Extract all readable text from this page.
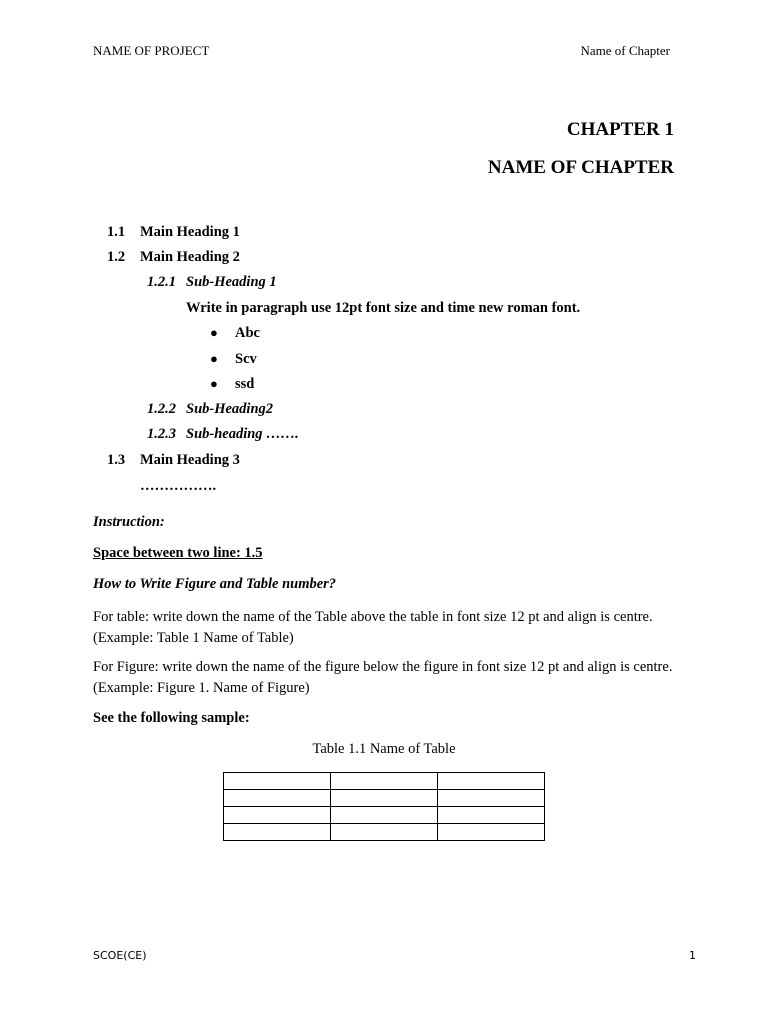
NAME OF PROJECT	Name of Chapter
CHAPTER 1
NAME OF CHAPTER
1.1 Main Heading 1
1.2 Main Heading 2
1.2.1 Sub-Heading 1
Write in paragraph use 12pt font size and time new roman font.
● Abc
● Scv
● ssd
1.2.2 Sub-Heading2
1.2.3 Sub-heading …….
1.3 Main Heading 3
…………….
Instruction:
Space between two line: 1.5
How to Write Figure and Table number?
For table: write down the name of the Table above the table in font size 12 pt and align is centre. (Example: Table 1 Name of Table)
For Figure: write down the name of the figure below the figure in font size 12 pt and align is centre. (Example: Figure 1. Name of Figure)
See the following sample:
Table 1.1 Name of Table

SCOE(CE)	1
